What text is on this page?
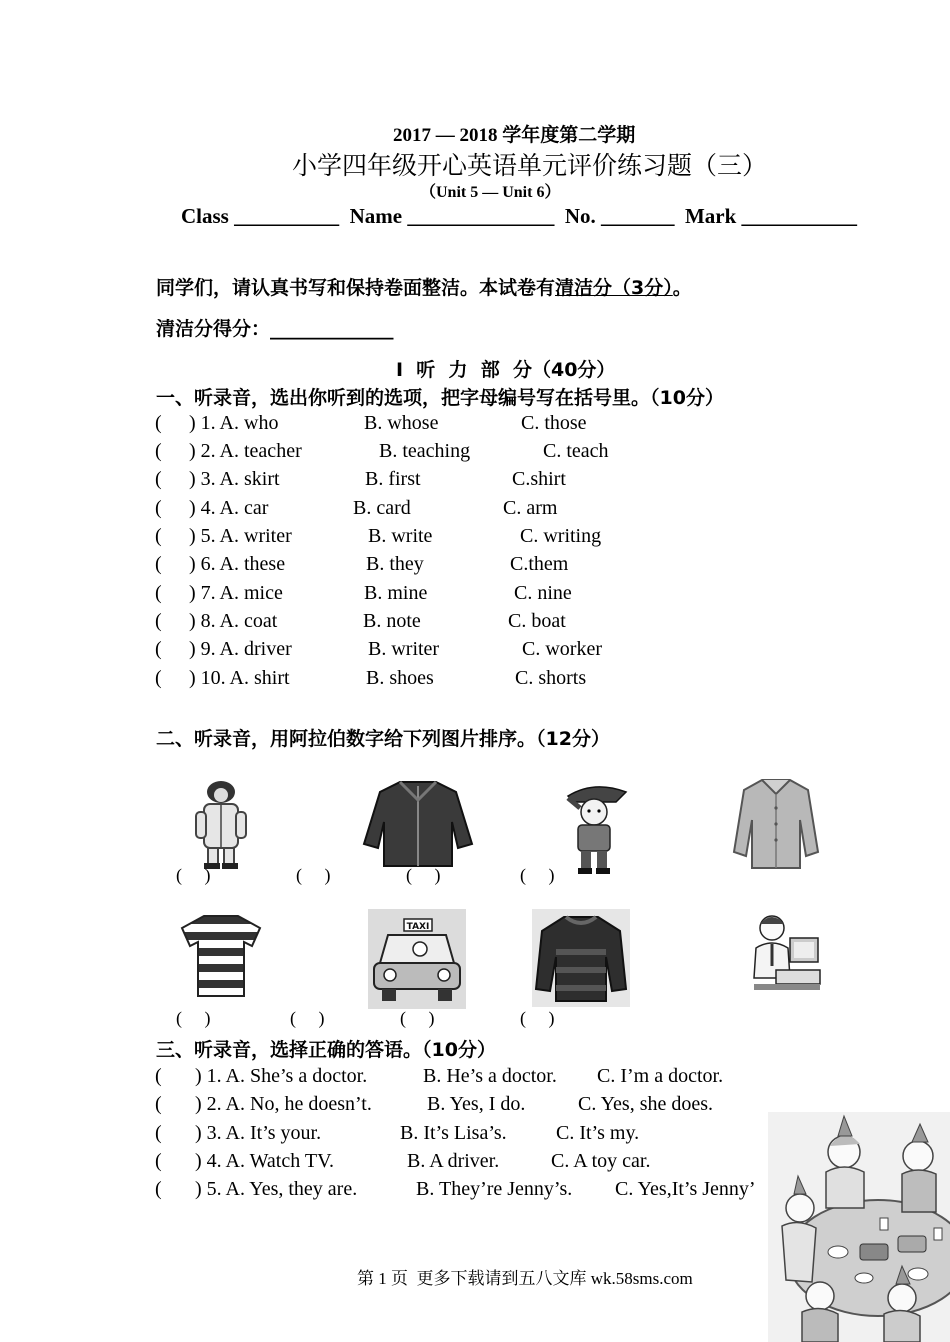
2017 — 2018 学年度第二学期
小学四年级开心英语单元评价练习题（三）
（Unit 5 — Unit 6）
Class __________  Name ______________  No. _______  Mark ___________
同学们，请认真书写和保持卷面整洁。本试卷有清洁分（3分）。
清洁分得分：_____________
I  听  力  部  分（40分）
一、听录音，选出你听到的选项，把字母编号写在括号里。（10分）
( ) 1. A. who	B. whose	C. those
( ) 2. A. teacher	B. teaching	C. teach
( ) 3. A. skirt	B. first	C.shirt
( ) 4. A. car	B. card	C. arm
( ) 5. A. writer	B. write	C. writing
( ) 6. A. these	B. they	C.them
( ) 7. A. mice	B. mine	C. nine
( ) 8. A. coat	B. note	C. boat
( ) 9. A. driver	B. writer	C. worker
( ) 10. A. shirt	B. shoes	C. shorts
二、听录音，用阿拉伯数字给下列图片排序。（12分）
(     )	(     )	(     )	(     )
TAXI
(     )	(     )	(     )	(     )
三、听录音，选择正确的答语。（10分）
( ) 1. A. She’s a doctor.	B. He’s a doctor. C. I’m a doctor.
( ) 2. A. No, he doesn’t.	B. Yes, I do.	C. Yes, she does.
( ) 3. A. It’s your.	B. It’s Lisa’s. C. It’s my.
( ) 4. A. Watch TV.	B. A driver.	C. A toy car.
( ) 5. A. Yes, they are.	B. They’re Jenny’s. C. Yes,It’s Jenny’
第 1 页  更多下载请到五八文库 wk.58sms.com
